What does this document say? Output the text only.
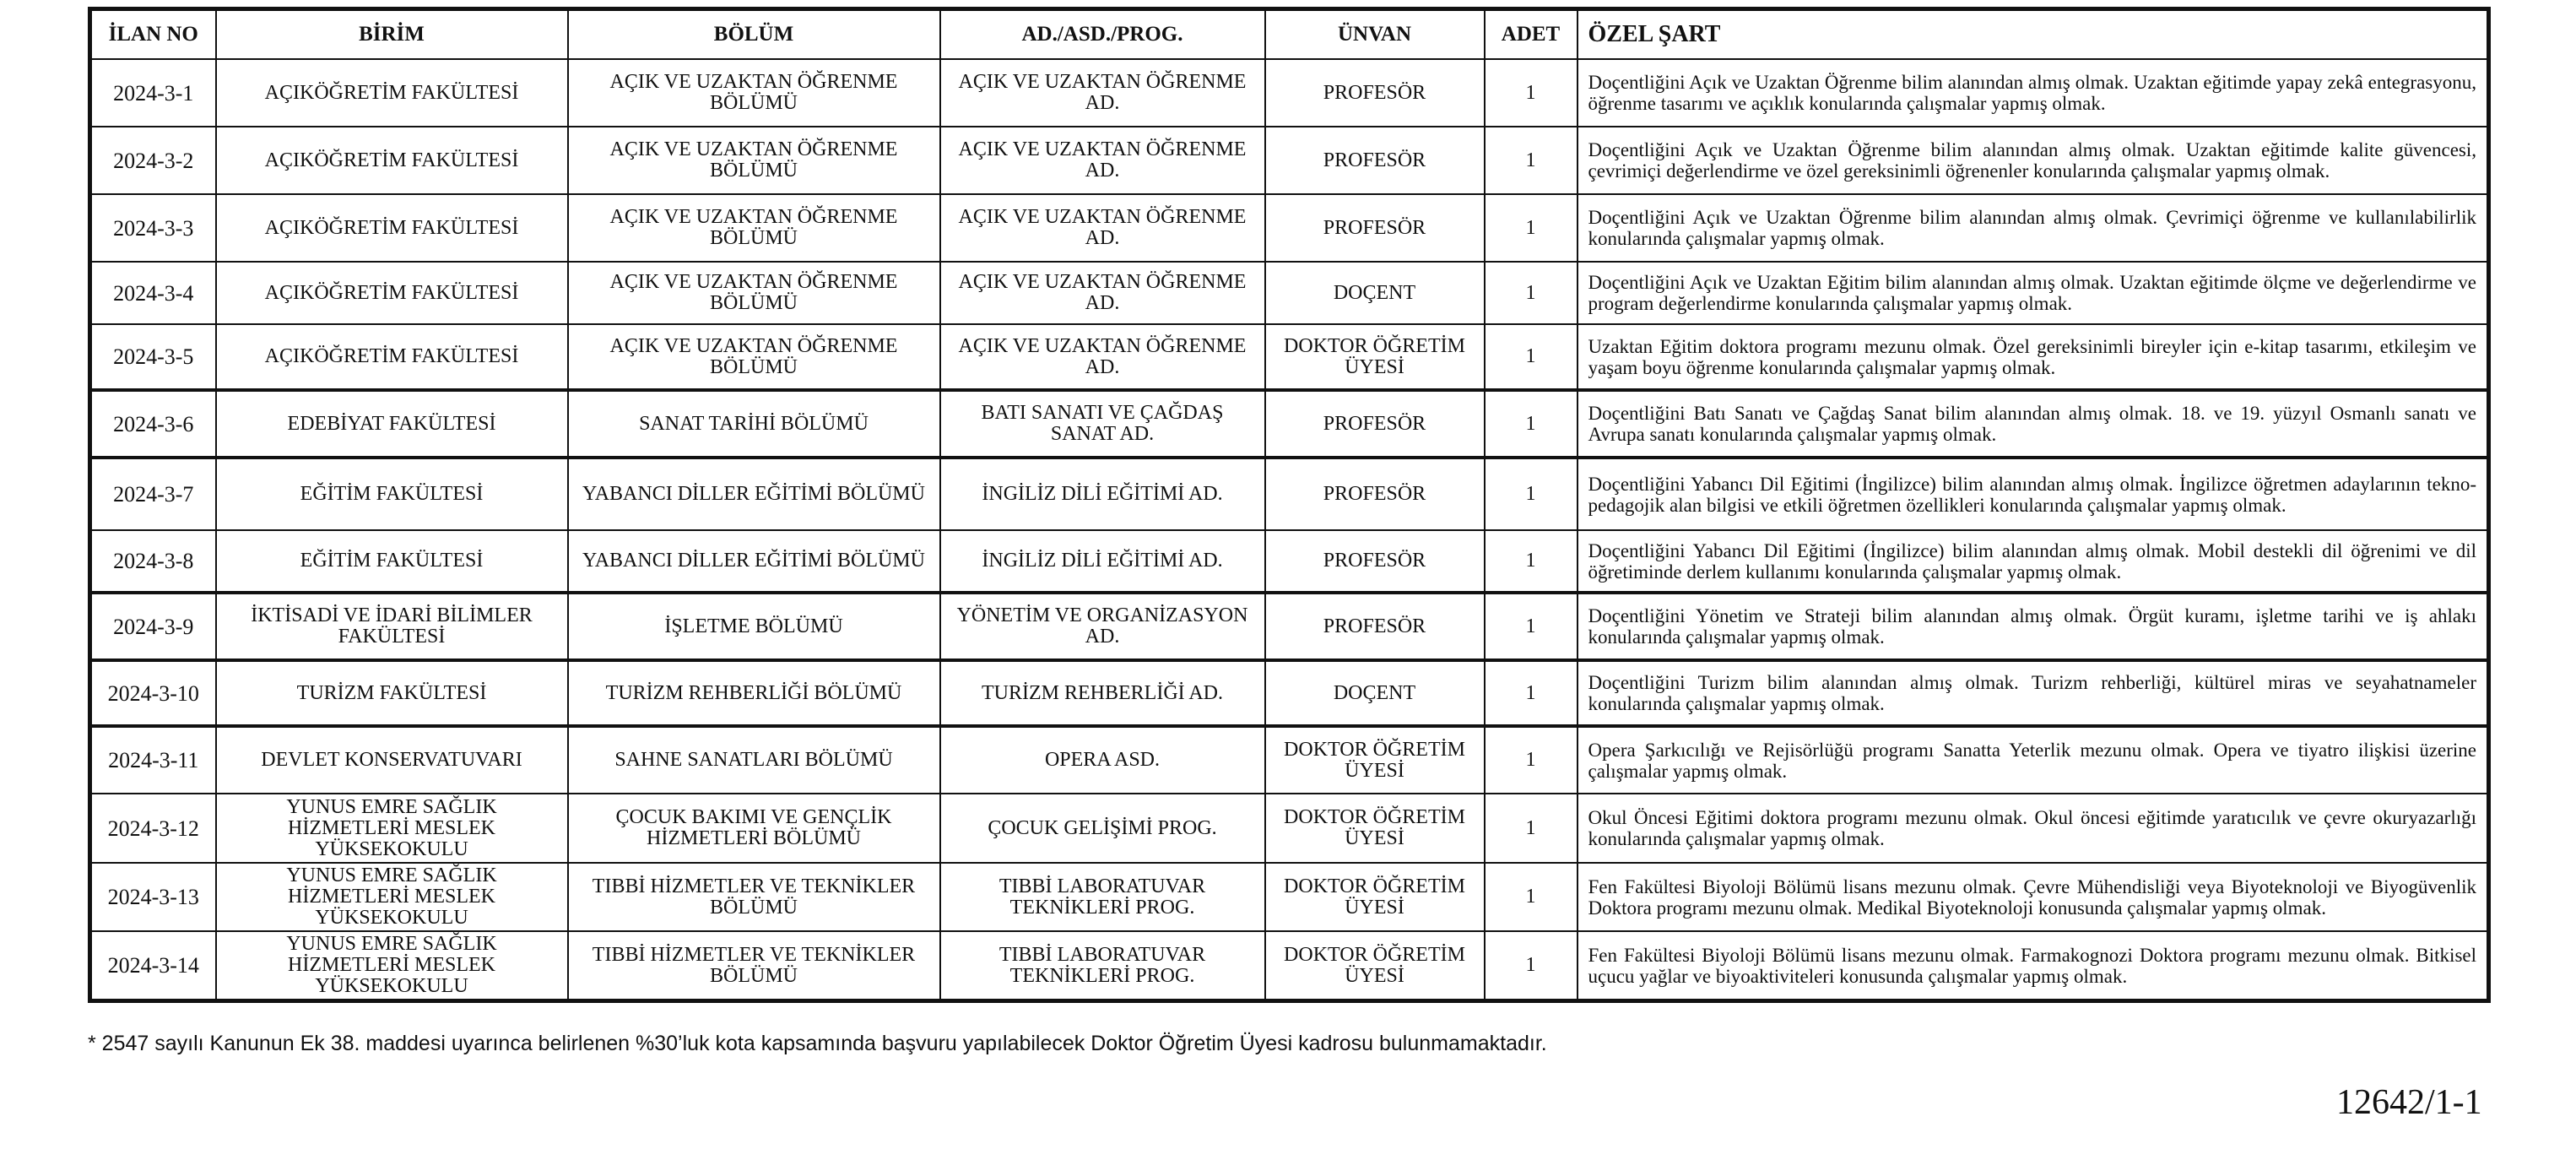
İLAN NO	BİRİM	BÖLÜM	AD./ASD./PROG.	ÜNVAN	ADET	ÖZEL ŞART
2024-3-1	AÇIKÖĞRETİM FAKÜLTESİ	AÇIK VE UZAKTAN ÖĞRENME BÖLÜMÜ	AÇIK VE UZAKTAN ÖĞRENME AD.	PROFESÖR	1	Doçentliğini Açık ve Uzaktan Öğrenme bilim alanından almış olmak. Uzaktan eğitimde yapay zekâ entegrasyonu, öğrenme tasarımı ve açıklık konularında çalışmalar yapmış olmak.
2024-3-2	AÇIKÖĞRETİM FAKÜLTESİ	AÇIK VE UZAKTAN ÖĞRENME BÖLÜMÜ	AÇIK VE UZAKTAN ÖĞRENME AD.	PROFESÖR	1	Doçentliğini Açık ve Uzaktan Öğrenme bilim alanından almış olmak. Uzaktan eğitimde kalite güvencesi, çevrimiçi değerlendirme ve özel gereksinimli öğrenenler konularında çalışmalar yapmış olmak.
2024-3-3	AÇIKÖĞRETİM FAKÜLTESİ	AÇIK VE UZAKTAN ÖĞRENME BÖLÜMÜ	AÇIK VE UZAKTAN ÖĞRENME AD.	PROFESÖR	1	Doçentliğini Açık ve Uzaktan Öğrenme bilim alanından almış olmak. Çevrimiçi öğrenme ve kullanılabilirlik konularında çalışmalar yapmış olmak.
2024-3-4	AÇIKÖĞRETİM FAKÜLTESİ	AÇIK VE UZAKTAN ÖĞRENME BÖLÜMÜ	AÇIK VE UZAKTAN ÖĞRENME AD.	DOÇENT	1	Doçentliğini Açık ve Uzaktan Eğitim bilim alanından almış olmak. Uzaktan eğitimde ölçme ve değerlendirme ve program değerlendirme konularında çalışmalar yapmış olmak.
2024-3-5	AÇIKÖĞRETİM FAKÜLTESİ	AÇIK VE UZAKTAN ÖĞRENME BÖLÜMÜ	AÇIK VE UZAKTAN ÖĞRENME AD.	DOKTOR ÖĞRETİM ÜYESİ	1	Uzaktan Eğitim doktora programı mezunu olmak. Özel gereksinimli bireyler için e-kitap tasarımı, etkileşim ve yaşam boyu öğrenme konularında çalışmalar yapmış olmak.
2024-3-6	EDEBİYAT FAKÜLTESİ	SANAT TARİHİ BÖLÜMÜ	BATI SANATI VE ÇAĞDAŞ SANAT AD.	PROFESÖR	1	Doçentliğini Batı Sanatı ve Çağdaş Sanat bilim alanından almış olmak. 18. ve 19. yüzyıl Osmanlı sanatı ve Avrupa sanatı konularında çalışmalar yapmış olmak.
2024-3-7	EĞİTİM FAKÜLTESİ	YABANCI DİLLER EĞİTİMİ BÖLÜMÜ	İNGİLİZ DİLİ EĞİTİMİ AD.	PROFESÖR	1	Doçentliğini Yabancı Dil Eğitimi (İngilizce) bilim alanından almış olmak. İngilizce öğretmen adaylarının tekno-pedagojik alan bilgisi ve etkili öğretmen özellikleri konularında çalışmalar yapmış olmak.
2024-3-8	EĞİTİM FAKÜLTESİ	YABANCI DİLLER EĞİTİMİ BÖLÜMÜ	İNGİLİZ DİLİ EĞİTİMİ AD.	PROFESÖR	1	Doçentliğini Yabancı Dil Eğitimi (İngilizce) bilim alanından almış olmak. Mobil destekli dil öğrenimi ve dil öğretiminde derlem kullanımı konularında çalışmalar yapmış olmak.
2024-3-9	İKTİSADİ VE İDARİ BİLİMLER FAKÜLTESİ	İŞLETME BÖLÜMÜ	YÖNETİM VE ORGANİZASYON AD.	PROFESÖR	1	Doçentliğini Yönetim ve Strateji bilim alanından almış olmak. Örgüt kuramı, işletme tarihi ve iş ahlakı konularında çalışmalar yapmış olmak.
2024-3-10	TURİZM FAKÜLTESİ	TURİZM REHBERLİĞİ BÖLÜMÜ	TURİZM REHBERLİĞİ AD.	DOÇENT	1	Doçentliğini Turizm bilim alanından almış olmak. Turizm rehberliği, kültürel miras ve seyahatnameler konularında çalışmalar yapmış olmak.
2024-3-11	DEVLET KONSERVATUVARI	SAHNE SANATLARI BÖLÜMÜ	OPERA ASD.	DOKTOR ÖĞRETİM ÜYESİ	1	Opera Şarkıcılığı ve Rejisörlüğü programı Sanatta Yeterlik mezunu olmak. Opera ve tiyatro ilişkisi üzerine çalışmalar yapmış olmak.
2024-3-12	YUNUS EMRE SAĞLIK HİZMETLERİ MESLEK YÜKSEKOKULU	ÇOCUK BAKIMI VE GENÇLİK HİZMETLERİ BÖLÜMÜ	ÇOCUK GELİŞİMİ PROG.	DOKTOR ÖĞRETİM ÜYESİ	1	Okul Öncesi Eğitimi doktora programı mezunu olmak. Okul öncesi eğitimde yaratıcılık ve çevre okuryazarlığı konularında çalışmalar yapmış olmak.
2024-3-13	YUNUS EMRE SAĞLIK HİZMETLERİ MESLEK YÜKSEKOKULU	TIBBİ HİZMETLER VE TEKNİKLER BÖLÜMÜ	TIBBİ LABORATUVAR TEKNİKLERİ PROG.	DOKTOR ÖĞRETİM ÜYESİ	1	Fen Fakültesi Biyoloji Bölümü lisans mezunu olmak. Çevre Mühendisliği veya Biyoteknoloji ve Biyogüvenlik Doktora programı mezunu olmak. Medikal Biyoteknoloji konusunda çalışmalar yapmış olmak.
2024-3-14	YUNUS EMRE SAĞLIK HİZMETLERİ MESLEK YÜKSEKOKULU	TIBBİ HİZMETLER VE TEKNİKLER BÖLÜMÜ	TIBBİ LABORATUVAR TEKNİKLERİ PROG.	DOKTOR ÖĞRETİM ÜYESİ	1	Fen Fakültesi Biyoloji Bölümü lisans mezunu olmak. Farmakognozi Doktora programı mezunu olmak. Bitkisel uçucu yağlar ve biyoaktiviteleri konusunda çalışmalar yapmış olmak.
* 2547 sayılı Kanunun Ek 38. maddesi uyarınca belirlenen %30’luk kota kapsamında başvuru yapılabilecek Doktor Öğretim Üyesi kadrosu bulunmamaktadır.
12642/1-1
